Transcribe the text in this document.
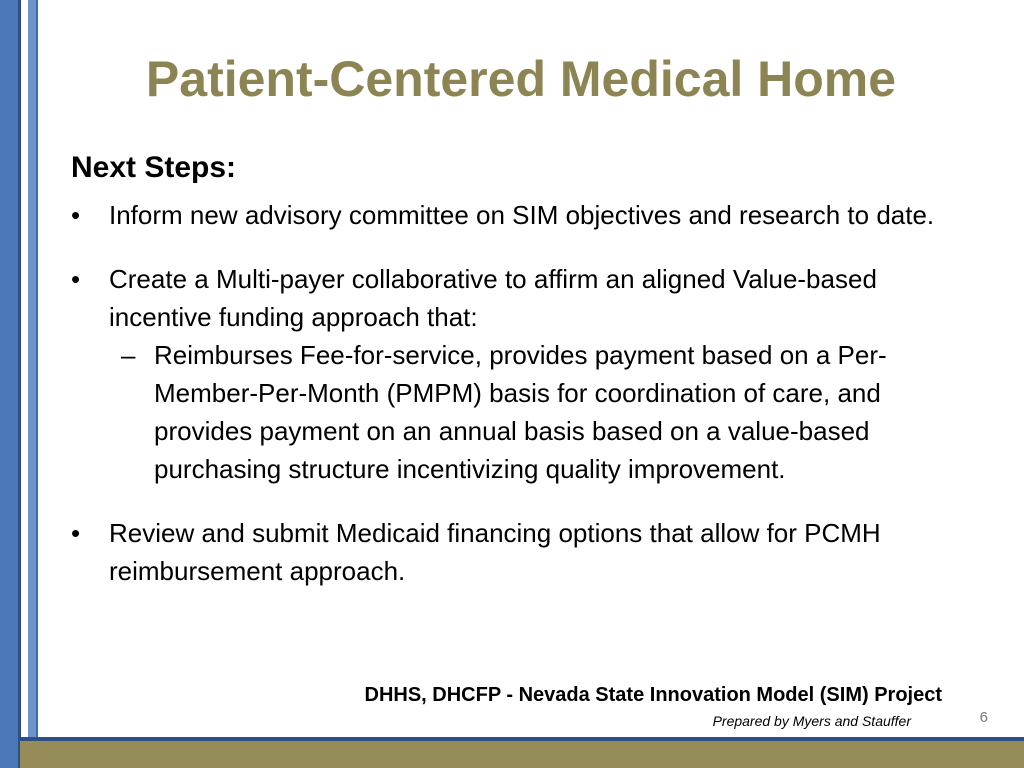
Patient-Centered Medical Home

Next Steps:

• Inform new advisory committee on SIM objectives and research to date.

• Create a Multi-payer collaborative to affirm an aligned Value-based incentive funding approach that:

– Reimburses Fee-for-service, provides payment based on a Per-Member-Per-Month (PMPM) basis for coordination of care, and provides payment on an annual basis based on a value-based purchasing structure incentivizing quality improvement.

• Review and submit Medicaid financing options that allow for PCMH reimbursement approach.

DHHS, DHCFP - Nevada State Innovation Model (SIM) Project
Prepared by Myers and Stauffer	6
